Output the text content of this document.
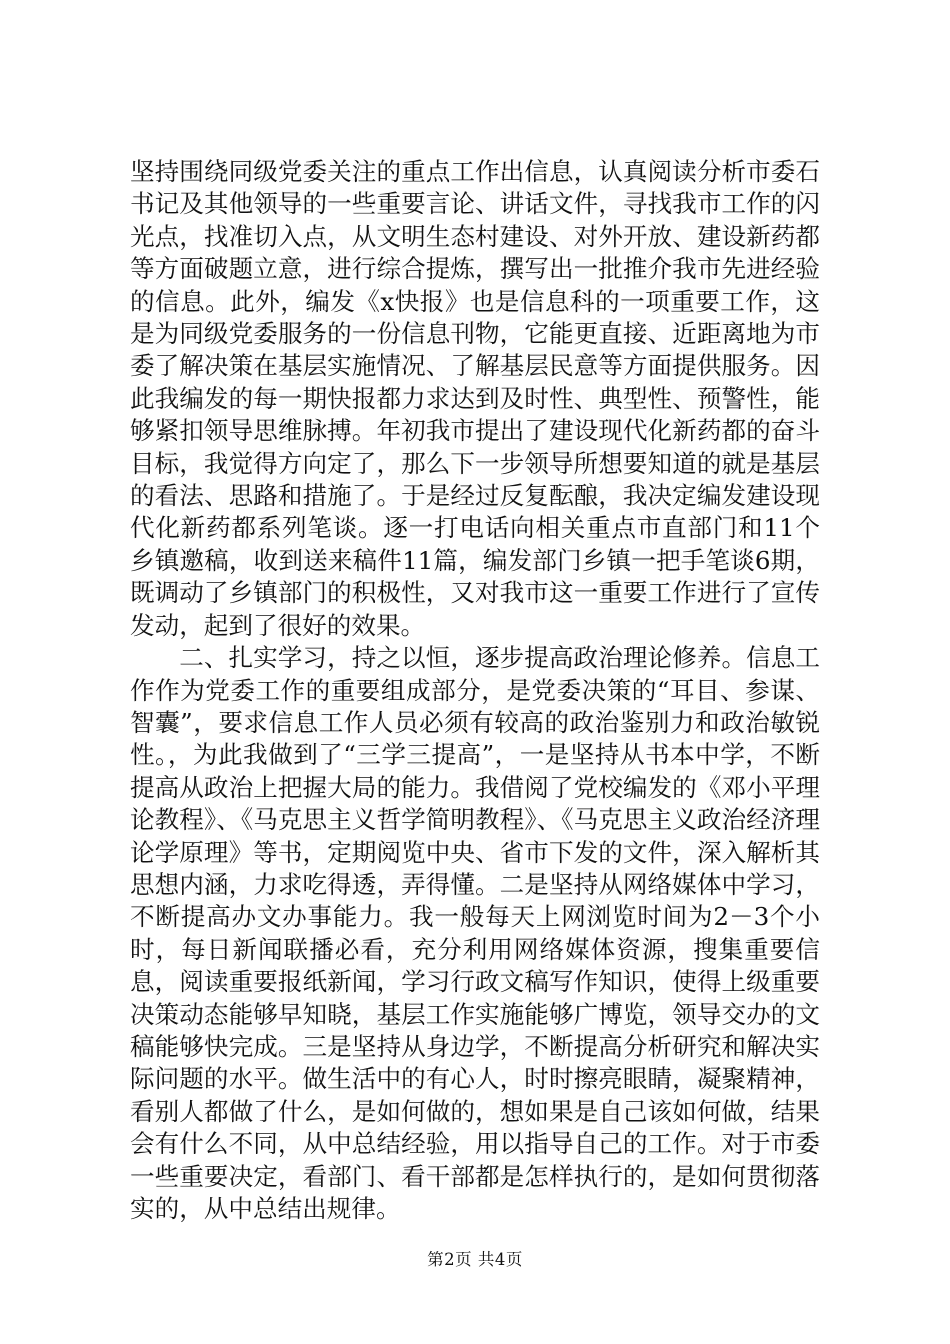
坚持围绕同级党委关注的重点工作出信息，认真阅读分析市委石书记及其他领导的一些重要言论、讲话文件，寻找我市工作的闪光点，找准切入点，从文明生态村建设、对外开放、建设新药都等方面破题立意，进行综合提炼，撰写出一批推介我市先进经验的信息。此外，编发《x快报》也是信息科的一项重要工作，这是为同级党委服务的一份信息刊物，它能更直接、近距离地为市委了解决策在基层实施情况、了解基层民意等方面提供服务。因此我编发的每一期快报都力求达到及时性、典型性、预警性，能够紧扣领导思维脉搏。年初我市提出了建设现代化新药都的奋斗目标，我觉得方向定了，那么下一步领导所想要知道的就是基层的看法、思路和措施了。于是经过反复酝酿，我决定编发建设现代化新药都系列笔谈。逐一打电话向相关重点市直部门和11个乡镇邀稿，收到送来稿件11篇，编发部门乡镇一把手笔谈6期，既调动了乡镇部门的积极性，又对我市这一重要工作进行了宣传发动，起到了很好的效果。

二、扎实学习，持之以恒，逐步提高政治理论修养。信息工作作为党委工作的重要组成部分，是党委决策的“耳目、参谋、智囊”，要求信息工作人员必须有较高的政治鉴别力和政治敏锐性。，为此我做到了“三学三提高”，一是坚持从书本中学，不断提高从政治上把握大局的能力。我借阅了党校编发的《邓小平理论教程》、《马克思主义哲学简明教程》、《马克思主义政治经济理论学原理》等书，定期阅览中央、省市下发的文件，深入解析其思想内涵，力求吃得透，弄得懂。二是坚持从网络媒体中学习，不断提高办文办事能力。我一般每天上网浏览时间为2－3个小时，每日新闻联播必看，充分利用网络媒体资源，搜集重要信息，阅读重要报纸新闻，学习行政文稿写作知识，使得上级重要决策动态能够早知晓，基层工作实施能够广博览，领导交办的文稿能够快完成。三是坚持从身边学，不断提高分析研究和解决实际问题的水平。做生活中的有心人，时时擦亮眼睛，凝聚精神，看别人都做了什么，是如何做的，想如果是自己该如何做，结果会有什么不同，从中总结经验，用以指导自己的工作。对于市委一些重要决定，看部门、看干部都是怎样执行的，是如何贯彻落实的，从中总结出规律。

第2页 共4页
